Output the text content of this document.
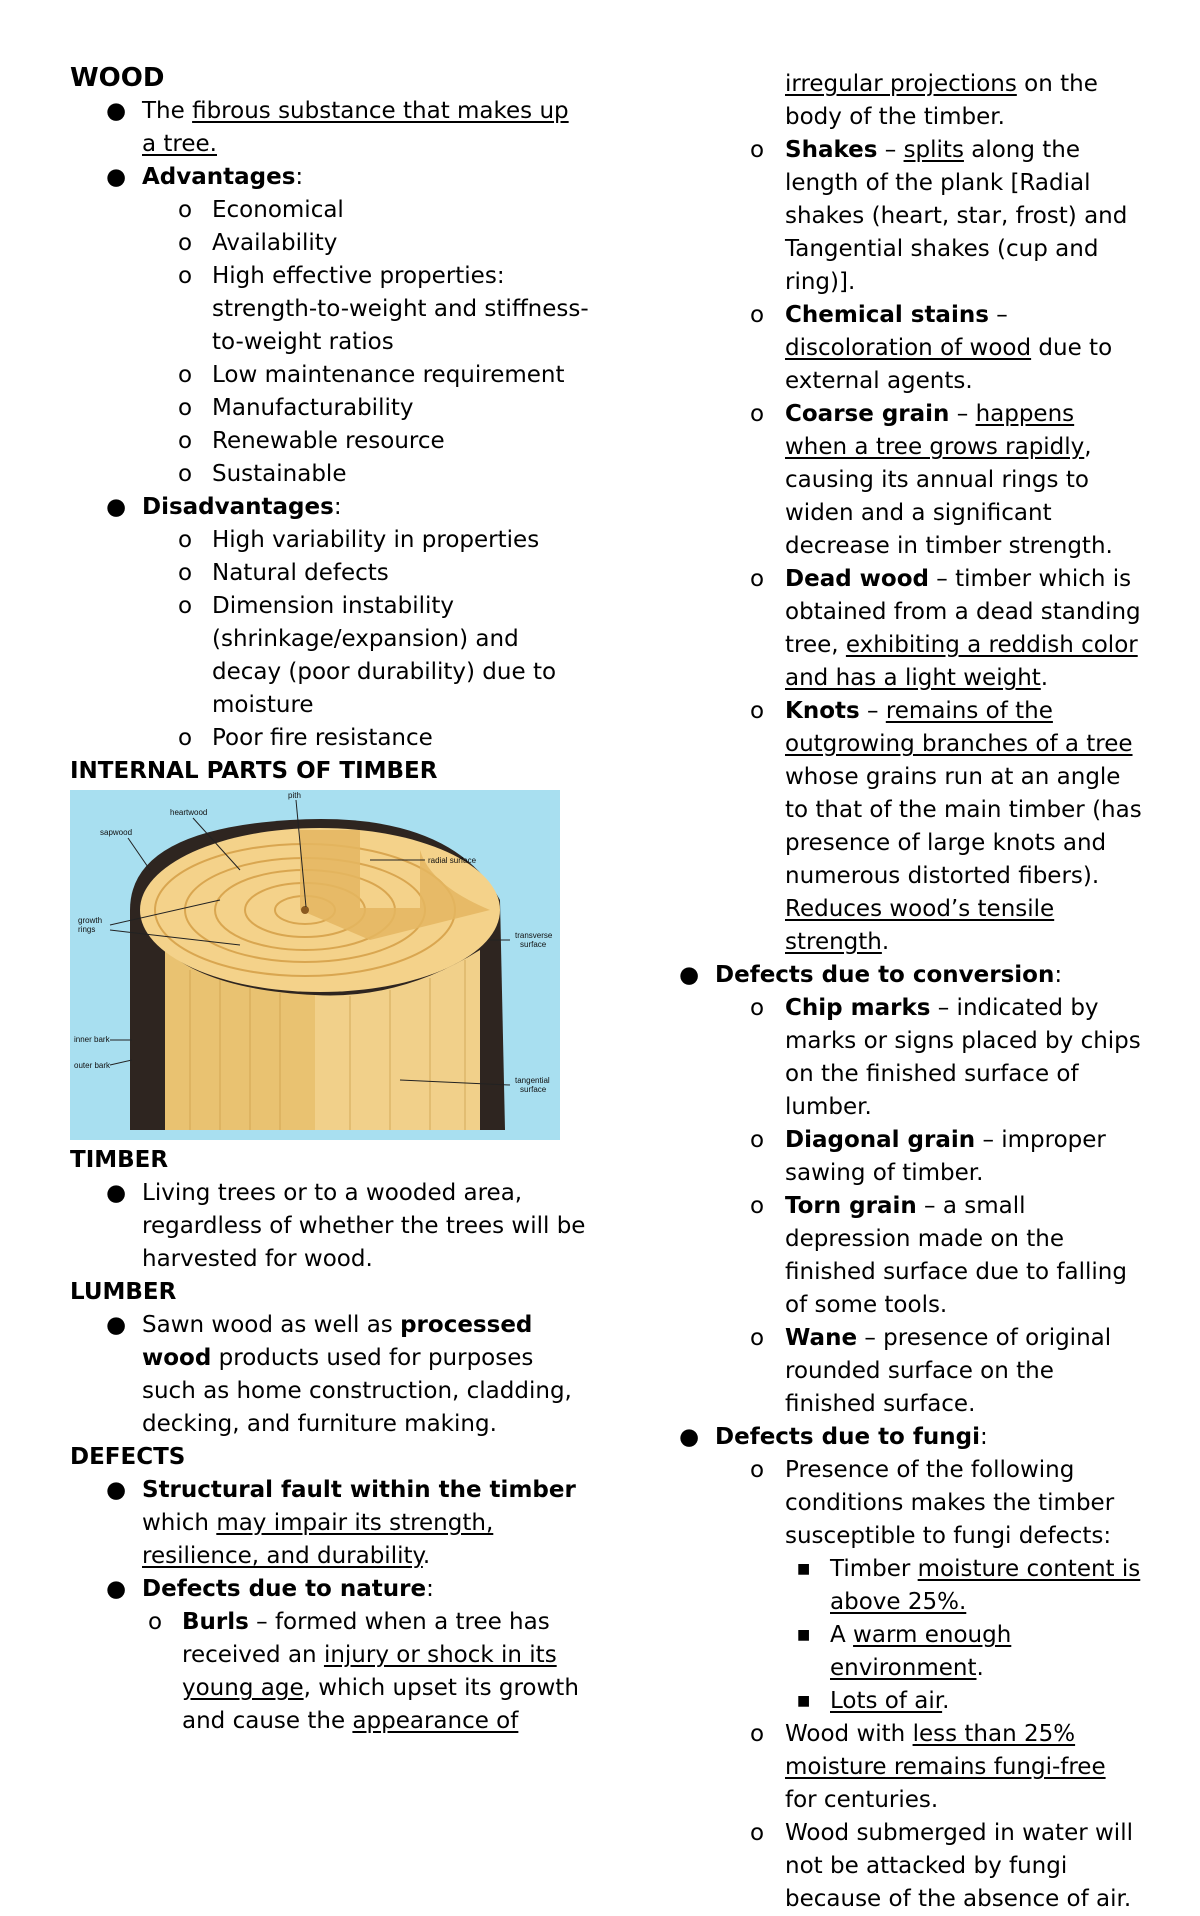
WOOD
● The fibrous substance that makes up a tree.
● Advantages:
o Economical
o Availability
o High effective properties: strength-to-weight and stiffness-to-weight ratios
o Low maintenance requirement
o Manufacturability
o Renewable resource
o Sustainable
● Disadvantages:
o High variability in properties
o Natural defects
o Dimension instability (shrinkage/expansion) and decay (poor durability) due to moisture
o Poor fire resistance
INTERNAL PARTS OF TIMBER
pith
heartwood
sapwood
radial surface
growth
rings
transverse
surface
inner bark
outer bark
tangential
surface
TIMBER
● Living trees or to a wooded area, regardless of whether the trees will be harvested for wood.
LUMBER
● Sawn wood as well as processed wood products used for purposes such as home construction, cladding, decking, and furniture making.
DEFECTS
● Structural fault within the timber which may impair its strength, resilience, and durability.
● Defects due to nature:
o Burls – formed when a tree has received an injury or shock in its young age, which upset its growth and cause the appearance of
irregular projections on the body of the timber.
o Shakes – splits along the length of the plank [Radial shakes (heart, star, frost) and Tangential shakes (cup and ring)].
o Chemical stains – discoloration of wood due to external agents.
o Coarse grain – happens when a tree grows rapidly, causing its annual rings to widen and a significant decrease in timber strength.
o Dead wood – timber which is obtained from a dead standing tree, exhibiting a reddish color and has a light weight.
o Knots – remains of the outgrowing branches of a tree whose grains run at an angle to that of the main timber (has presence of large knots and numerous distorted fibers). Reduces wood’s tensile strength.
● Defects due to conversion:
o Chip marks – indicated by marks or signs placed by chips on the finished surface of lumber.
o Diagonal grain – improper sawing of timber.
o Torn grain – a small depression made on the finished surface due to falling of some tools.
o Wane – presence of original rounded surface on the finished surface.
● Defects due to fungi:
o Presence of the following conditions makes the timber susceptible to fungi defects:
■ Timber moisture content is above 25%.
■ A warm enough environment.
■ Lots of air.
o Wood with less than 25% moisture remains fungi-free for centuries.
o Wood submerged in water will not be attacked by fungi because of the absence of air.
